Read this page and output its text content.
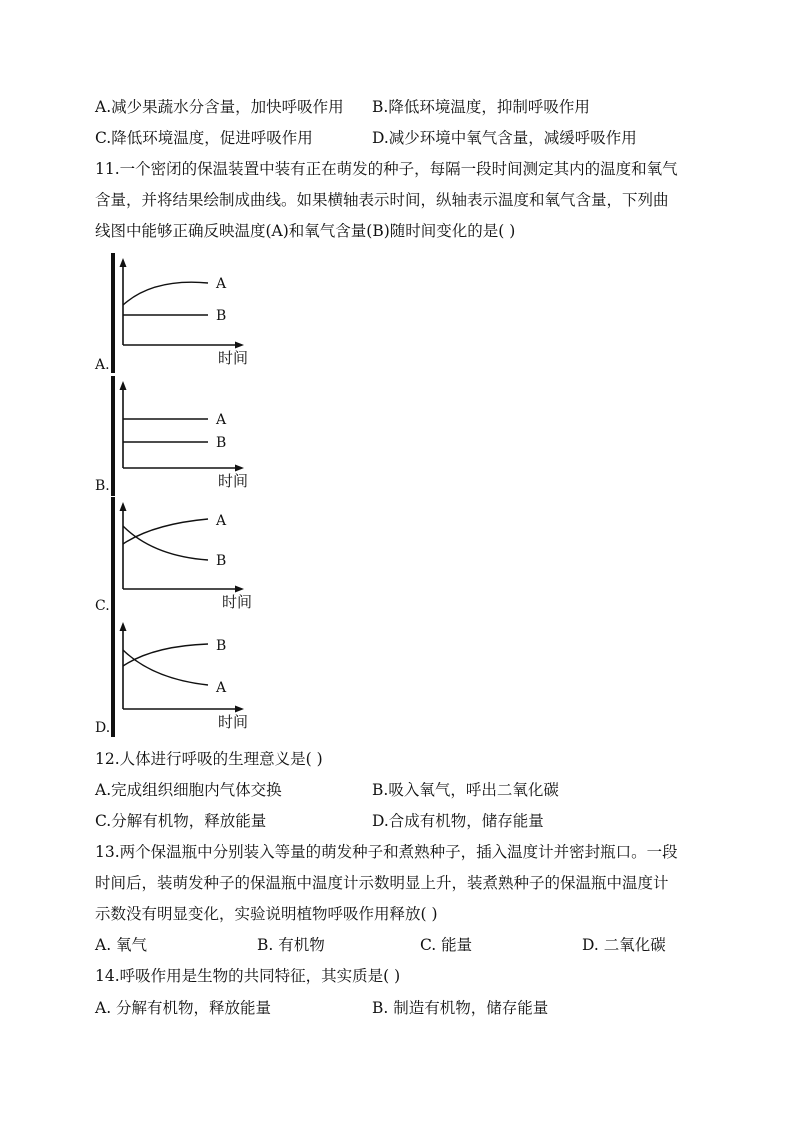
A.减少果蔬水分含量，加快呼吸作用 B.降低环境温度，抑制呼吸作用
C.降低环境温度，促进呼吸作用	D.减少环境中氧气含量，减缓呼吸作用
11.一个密闭的保温装置中装有正在萌发的种子，每隔一段时间测定其内的温度和氧气
含量，并将结果绘制成曲线。如果横轴表示时间，纵轴表示温度和氧气含量，下列曲
线图中能够正确反映温度(A)和氧气含量(B)随时间变化的是( )
A.
A
B
时间
B.
A
B
时间
C.
A
B
时间
D.
B
A
时间
12.人体进行呼吸的生理意义是( )
A.完成组织细胞内气体交换	B.吸入氧气，呼出二氧化碳
C.分解有机物，释放能量	D.合成有机物，储存能量
13.两个保温瓶中分别装入等量的萌发种子和煮熟种子，插入温度计并密封瓶口。一段
时间后，装萌发种子的保温瓶中温度计示数明显上升，装煮熟种子的保温瓶中温度计
示数没有明显变化，实验说明植物呼吸作用释放( )
A. 氧气	B. 有机物	C. 能量	D. 二氧化碳
14.呼吸作用是生物的共同特征，其实质是( )
A. 分解有机物，释放能量	B. 制造有机物，储存能量
